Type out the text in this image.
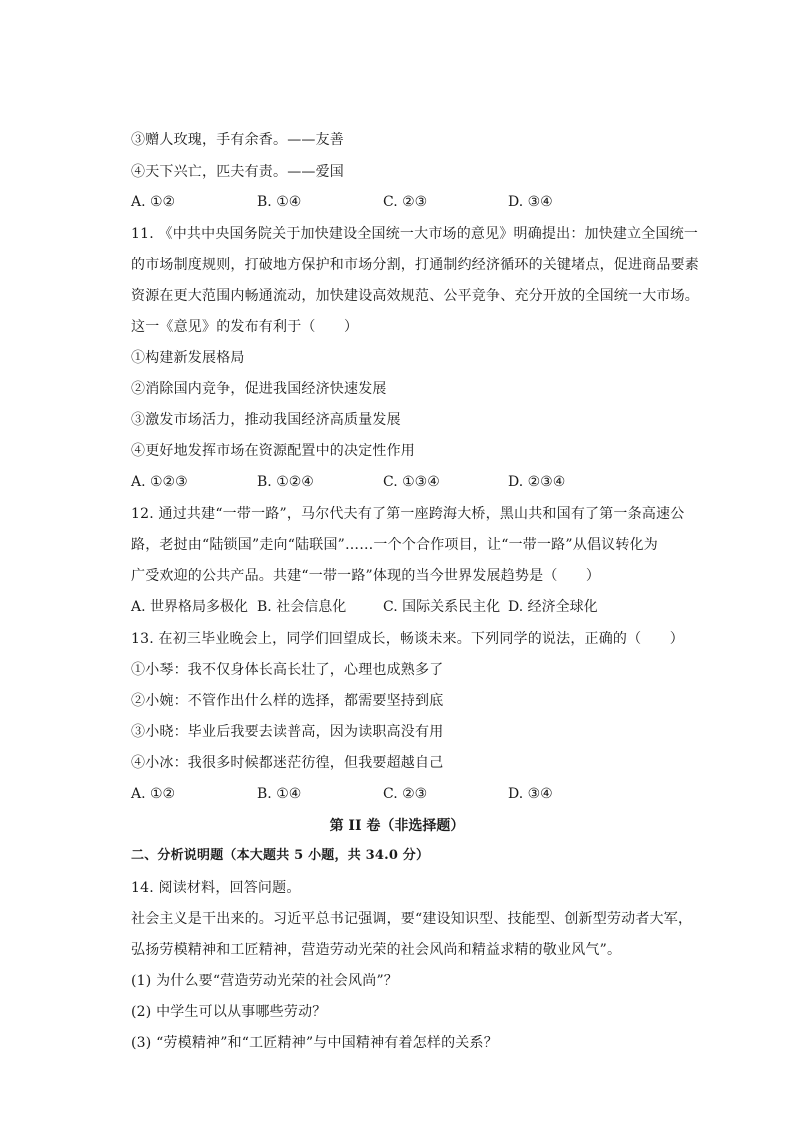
③赠人玫瑰，手有余香。——友善
④天下兴亡，匹夫有责。——爱国
A. ①②	B. ①④	C. ②③	D. ③④
11. 《中共中央国务院关于加快建设全国统一大市场的意见》明确提出：加快建立全国统一
的市场制度规则，打破地方保护和市场分割，打通制约经济循环的关键堵点，促进商品要素
资源在更大范围内畅通流动，加快建设高效规范、公平竞争、充分开放的全国统一大市场。
这一《意见》的发布有利于（　　）
①构建新发展格局
②消除国内竞争，促进我国经济快速发展
③激发市场活力，推动我国经济高质量发展
④更好地发挥市场在资源配置中的决定性作用
A. ①②③	B. ①②④	C. ①③④	D. ②③④
12. 通过共建“一带一路”，马尔代夫有了第一座跨海大桥，黑山共和国有了第一条高速公
路，老挝由“陆锁国”走向“陆联国”……一个个合作项目，让“一带一路”从倡议转化为
广受欢迎的公共产品。共建“一带一路”体现的当今世界发展趋势是（　　）
A. 世界格局多极化 B. 社会信息化	C. 国际关系民主化 D. 经济全球化
13. 在初三毕业晚会上，同学们回望成长，畅谈未来。下列同学的说法，正确的（　　）
①小琴：我不仅身体长高长壮了，心理也成熟多了
②小婉：不管作出什么样的选择，都需要坚持到底
③小晓：毕业后我要去读普高，因为读职高没有用
④小冰：我很多时候都迷茫彷徨，但我要超越自己
A. ①②	B. ①④	C. ②③	D. ③④
第 II 卷（非选择题）
二、分析说明题（本大题共 5 小题，共 34.0 分）
14. 阅读材料，回答问题。
社会主义是干出来的。习近平总书记强调，要“建设知识型、技能型、创新型劳动者大军，
弘扬劳模精神和工匠精神，营造劳动光荣的社会风尚和精益求精的敬业风气”。
(1) 为什么要“营造劳动光荣的社会风尚”？
(2) 中学生可以从事哪些劳动？
(3) “劳模精神”和“工匠精神”与中国精神有着怎样的关系？
